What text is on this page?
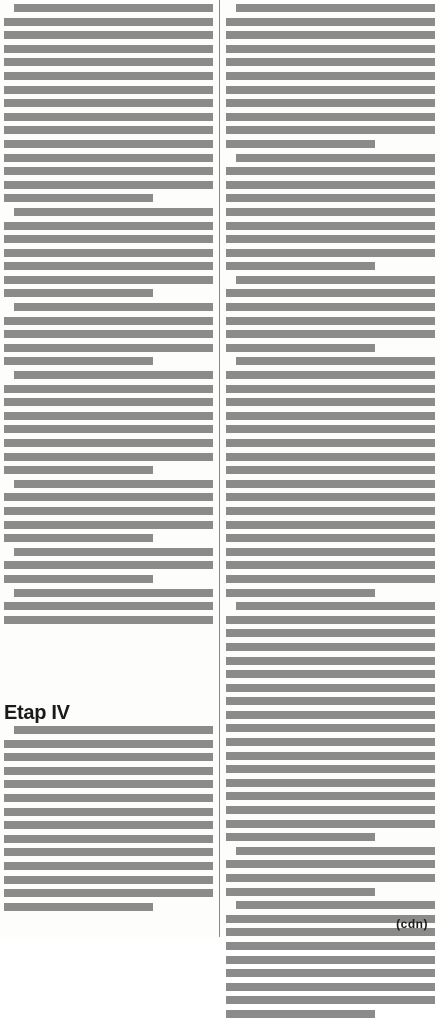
Etap IV
(cdn)
